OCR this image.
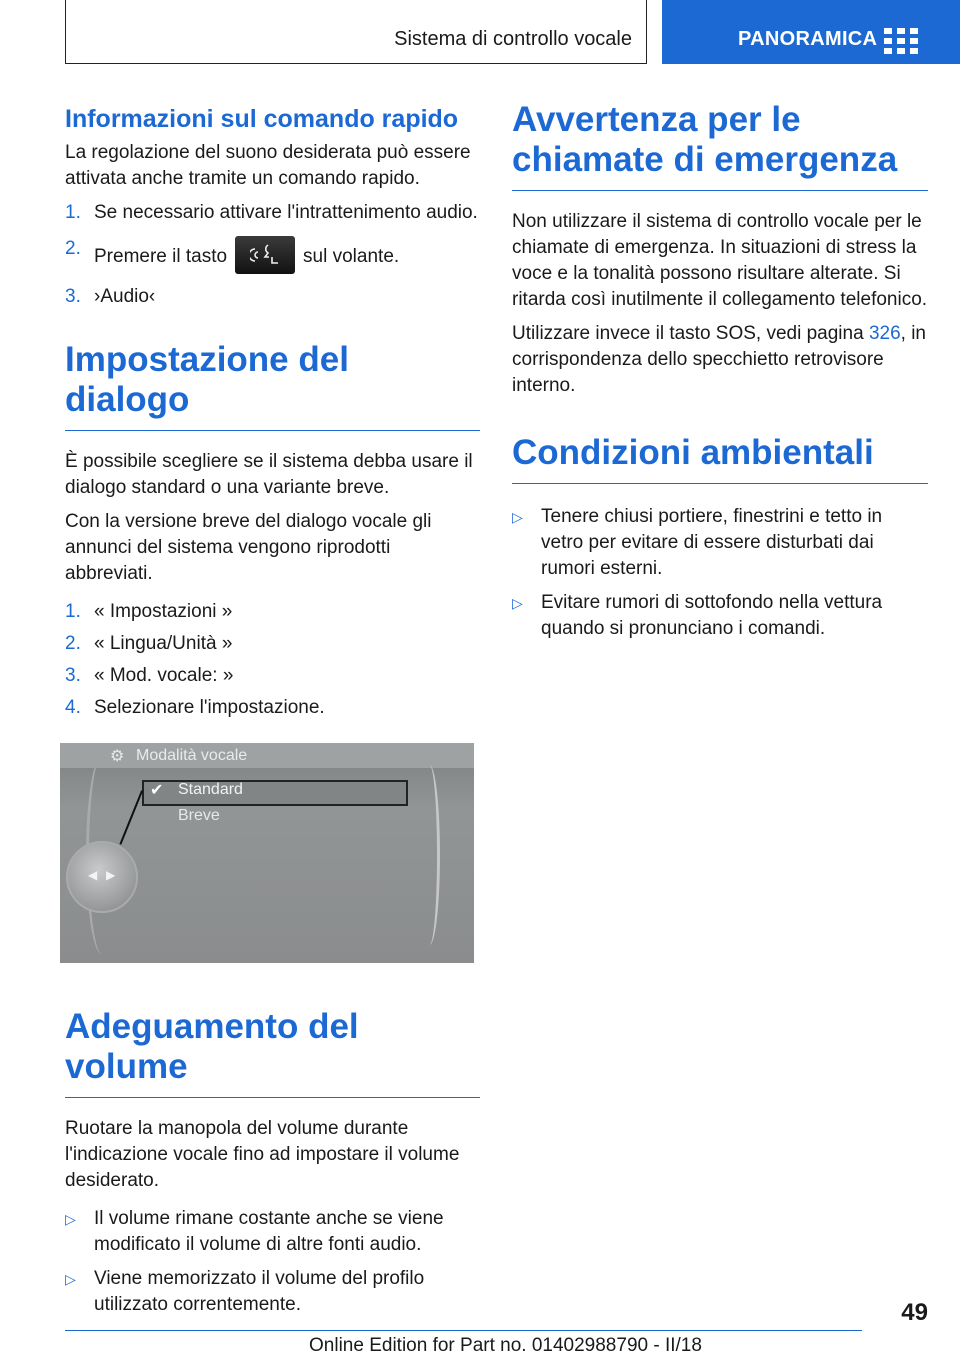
Sistema di controllo vocale	PANORAMICA
Informazioni sul comando rapido

La regolazione del suono desiderata può essere attivata anche tramite un comando rapido.

1. Se necessario attivare l'intrattenimento audio.
2. Premere il tasto	sul volante.
3. ›Audio‹
Impostazione del dialogo

È possibile scegliere se il sistema debba usare il dialogo standard o una variante breve.

Con la versione breve del dialogo vocale gli annunci del sistema vengono riprodotti abbreviati.

1. « Impostazioni »
2. « Lingua/Unità »
3. « Mod. vocale: »
4. Selezionare l'impostazione.
⚙ Modalità vocale
✔ Standard
Breve
◀ ▶
Adeguamento del volume

Ruotare la manopola del volume durante l'indicazione vocale fino ad impostare il volume desiderato.

▷ Il volume rimane costante anche se viene modificato il volume di altre fonti audio.
▷ Viene memorizzato il volume del profilo utilizzato correntemente.
Avvertenza per le chiamate di emergenza

Non utilizzare il sistema di controllo vocale per le chiamate di emergenza. In situazioni di stress la voce e la tonalità possono risultare alterate. Si ritarda così inutilmente il collegamento telefonico.

Utilizzare invece il tasto SOS, vedi pagina 326, in corrispondenza dello specchietto retrovisore interno.

Condizioni ambientali
▷ Tenere chiusi portiere, finestrini e tetto in vetro per evitare di essere disturbati dai rumori esterni.
▷ Evitare rumori di sottofondo nella vettura quando si pronunciano i comandi.
49
Online Edition for Part no. 01402988790 - II/18
